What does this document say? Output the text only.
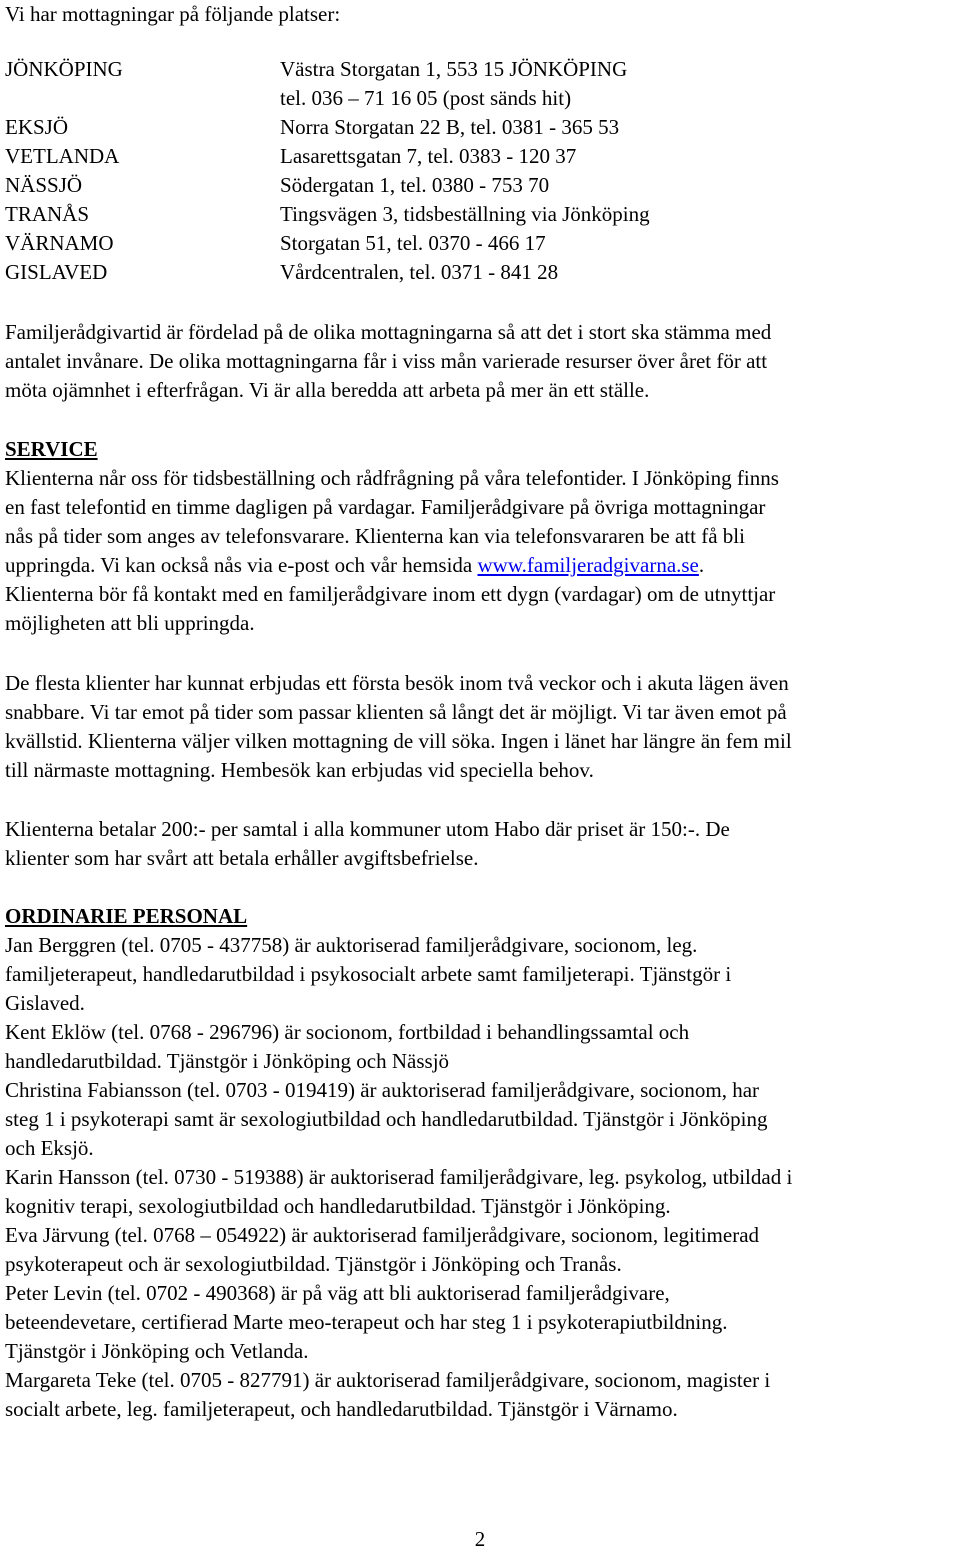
Vi har mottagningar på följande platser:
JÖNKÖPING	Västra Storgatan 1, 553 15 JÖNKÖPING
tel. 036 – 71 16 05 (post sänds hit)
EKSJÖ	Norra Storgatan 22 B, tel. 0381 - 365 53
VETLANDA	Lasarettsgatan 7, tel. 0383 - 120 37
NÄSSJÖ	Södergatan 1, tel. 0380 - 753 70
TRANÅS	Tingsvägen 3, tidsbeställning via Jönköping
VÄRNAMO	Storgatan 51, tel. 0370 - 466 17
GISLAVED	Vårdcentralen, tel. 0371 - 841 28
Familjerådgivartid är fördelad på de olika mottagningarna så att det i stort ska stämma med
antalet invånare. De olika mottagningarna får i viss mån varierade resurser över året för att
möta ojämnhet i efterfrågan. Vi är alla beredda att arbeta på mer än ett ställe.
SERVICE
Klienterna når oss för tidsbeställning och rådfrågning på våra telefontider. I Jönköping finns
en fast telefontid en timme dagligen på vardagar. Familjerådgivare på övriga mottagningar
nås på tider som anges av telefonsvarare. Klienterna kan via telefonsvararen be att få bli
uppringda. Vi kan också nås via e-post och vår hemsida www.familjeradgivarna.se.
Klienterna bör få kontakt med en familjerådgivare inom ett dygn (vardagar) om de utnyttjar
möjligheten att bli uppringda.
De flesta klienter har kunnat erbjudas ett första besök inom två veckor och i akuta lägen även
snabbare. Vi tar emot på tider som passar klienten så långt det är möjligt. Vi tar även emot på
kvällstid. Klienterna väljer vilken mottagning de vill söka. Ingen i länet har längre än fem mil
till närmaste mottagning. Hembesök kan erbjudas vid speciella behov.
Klienterna betalar 200:- per samtal i alla kommuner utom Habo där priset är 150:-. De
klienter som har svårt att betala erhåller avgiftsbefrielse.
ORDINARIE PERSONAL
Jan Berggren (tel. 0705 - 437758) är auktoriserad familjerådgivare, socionom, leg.
familjeterapeut, handledarutbildad i psykosocialt arbete samt familjeterapi. Tjänstgör i
Gislaved.
Kent Eklöw (tel. 0768 - 296796) är socionom, fortbildad i behandlingssamtal och
handledarutbildad. Tjänstgör i Jönköping och Nässjö
Christina Fabiansson (tel. 0703 - 019419) är auktoriserad familjerådgivare, socionom, har
steg 1 i psykoterapi samt är sexologiutbildad och handledarutbildad. Tjänstgör i Jönköping
och Eksjö.
Karin Hansson (tel. 0730 - 519388) är auktoriserad familjerådgivare, leg. psykolog, utbildad i
kognitiv terapi, sexologiutbildad och handledarutbildad. Tjänstgör i Jönköping.
Eva Järvung (tel. 0768 – 054922) är auktoriserad familjerådgivare, socionom, legitimerad
psykoterapeut och är sexologiutbildad. Tjänstgör i Jönköping och Tranås.
Peter Levin (tel. 0702 - 490368) är på väg att bli auktoriserad familjerådgivare,
beteendevetare, certifierad Marte meo-terapeut och har steg 1 i psykoterapiutbildning.
Tjänstgör i Jönköping och Vetlanda.
Margareta Teke (tel. 0705 - 827791) är auktoriserad familjerådgivare, socionom, magister i
socialt arbete, leg. familjeterapeut, och handledarutbildad. Tjänstgör i Värnamo.
2
